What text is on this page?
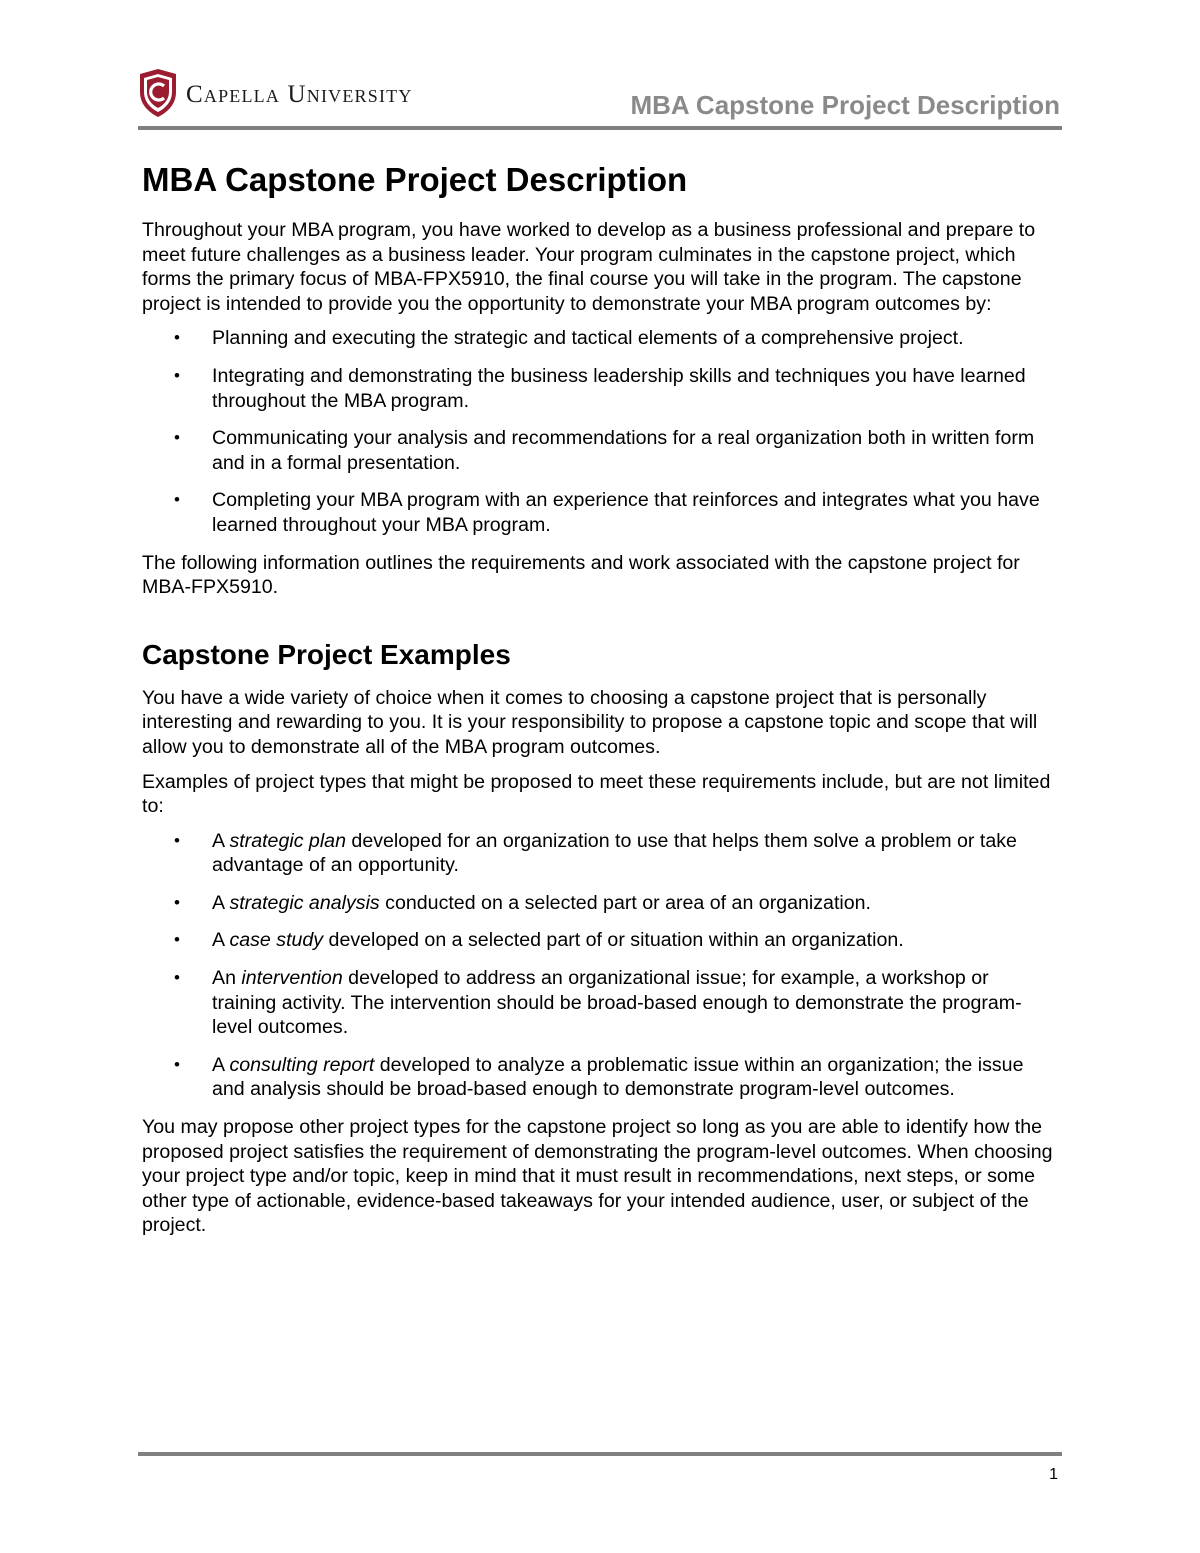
Capella University	MBA Capstone Project Description
MBA Capstone Project Description

Throughout your MBA program, you have worked to develop as a business professional and prepare to meet future challenges as a business leader. Your program culminates in the capstone project, which forms the primary focus of MBA-FPX5910, the final course you will take in the program. The capstone project is intended to provide you the opportunity to demonstrate your MBA program outcomes by:

• Planning and executing the strategic and tactical elements of a comprehensive project.
• Integrating and demonstrating the business leadership skills and techniques you have learned throughout the MBA program.
• Communicating your analysis and recommendations for a real organization both in written form and in a formal presentation.
• Completing your MBA program with an experience that reinforces and integrates what you have learned throughout your MBA program.

The following information outlines the requirements and work associated with the capstone project for MBA-FPX5910.

Capstone Project Examples

You have a wide variety of choice when it comes to choosing a capstone project that is personally interesting and rewarding to you. It is your responsibility to propose a capstone topic and scope that will allow you to demonstrate all of the MBA program outcomes.

Examples of project types that might be proposed to meet these requirements include, but are not limited to:

• A strategic plan developed for an organization to use that helps them solve a problem or take advantage of an opportunity.
• A strategic analysis conducted on a selected part or area of an organization.
• A case study developed on a selected part of or situation within an organization.
• An intervention developed to address an organizational issue; for example, a workshop or training activity. The intervention should be broad-based enough to demonstrate the program-level outcomes.
• A consulting report developed to analyze a problematic issue within an organization; the issue and analysis should be broad-based enough to demonstrate program-level outcomes.

You may propose other project types for the capstone project so long as you are able to identify how the proposed project satisfies the requirement of demonstrating the program-level outcomes. When choosing your project type and/or topic, keep in mind that it must result in recommendations, next steps, or some other type of actionable, evidence-based takeaways for your intended audience, user, or subject of the project.

1
